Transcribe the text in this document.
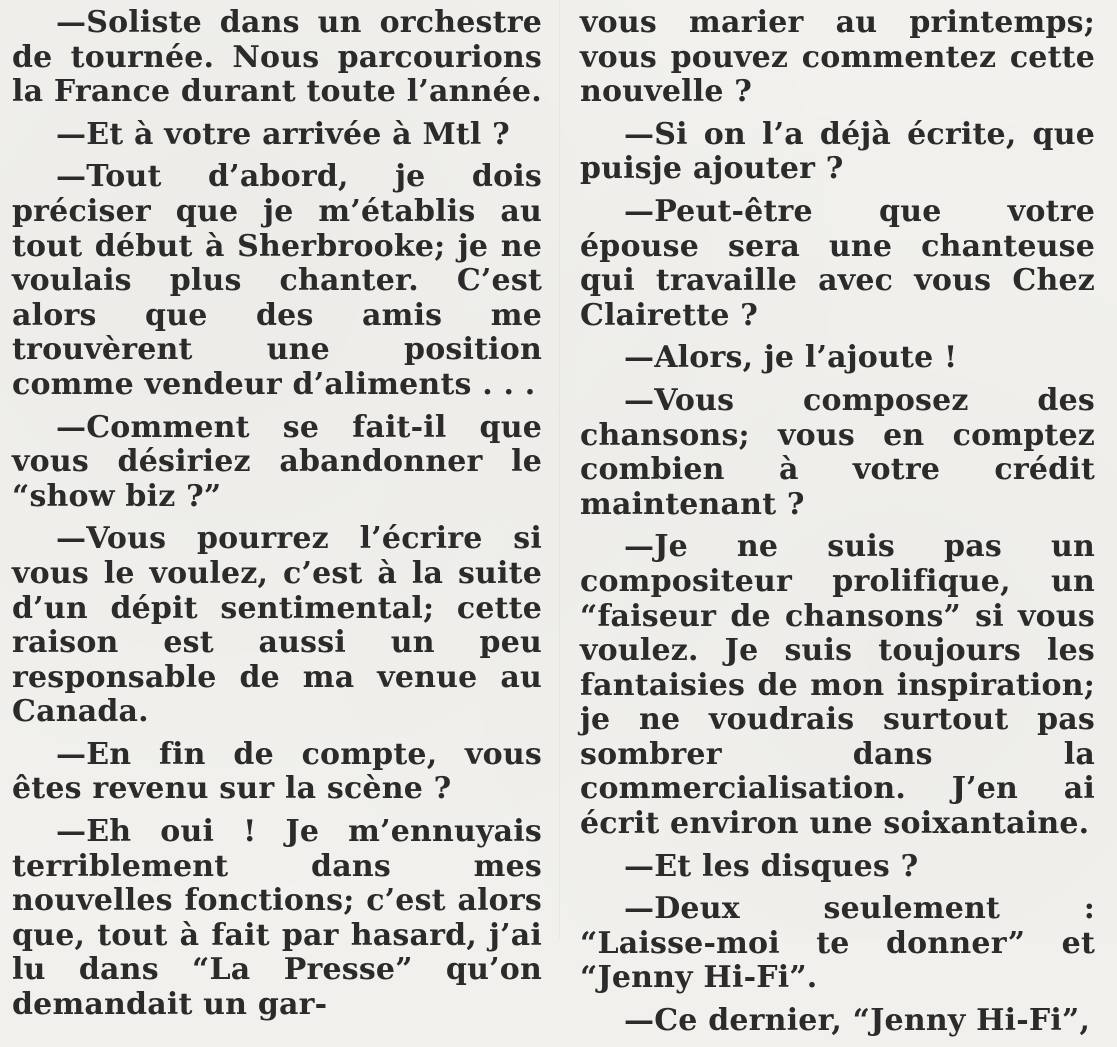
—Soliste dans un orchestre de tournée. Nous parcourions la France durant toute l’année.

—Et à votre arrivée à Mtl ?

—Tout d’abord, je dois préciser que je m’établis au tout début à Sherbrooke; je ne voulais plus chanter. C’est alors que des amis me trouvèrent une position comme vendeur d’aliments . . .

—Comment se fait-il que vous désiriez abandonner le “show biz ?”

—Vous pourrez l’écrire si vous le voulez, c’est à la suite d’un dépit sentimental; cette raison est aussi un peu responsable de ma venue au Canada.

—En fin de compte, vous êtes revenu sur la scène ?

—Eh oui ! Je m’ennuyais terriblement dans mes nouvelles fonctions; c’est alors que, tout à fait par hasard, j’ai lu dans “La Presse” qu’on demandait un gar-

vous marier au printemps; vous pouvez commentez cette nouvelle ?

—Si on l’a déjà écrite, que puisje ajouter ?

—Peut-être que votre épouse sera une chanteuse qui travaille avec vous Chez Clairette ?

—Alors, je l’ajoute !

—Vous composez des chansons; vous en comptez combien à votre crédit maintenant ?

—Je ne suis pas un compositeur prolifique, un “faiseur de chansons” si vous voulez. Je suis toujours les fantaisies de mon inspiration; je ne voudrais surtout pas sombrer dans la commercialisation. J’en ai écrit environ une soixantaine.

—Et les disques ?

—Deux seulement : “Laisse-moi te donner” et “Jenny Hi-Fi”.

—Ce dernier, “Jenny Hi-Fi”,
